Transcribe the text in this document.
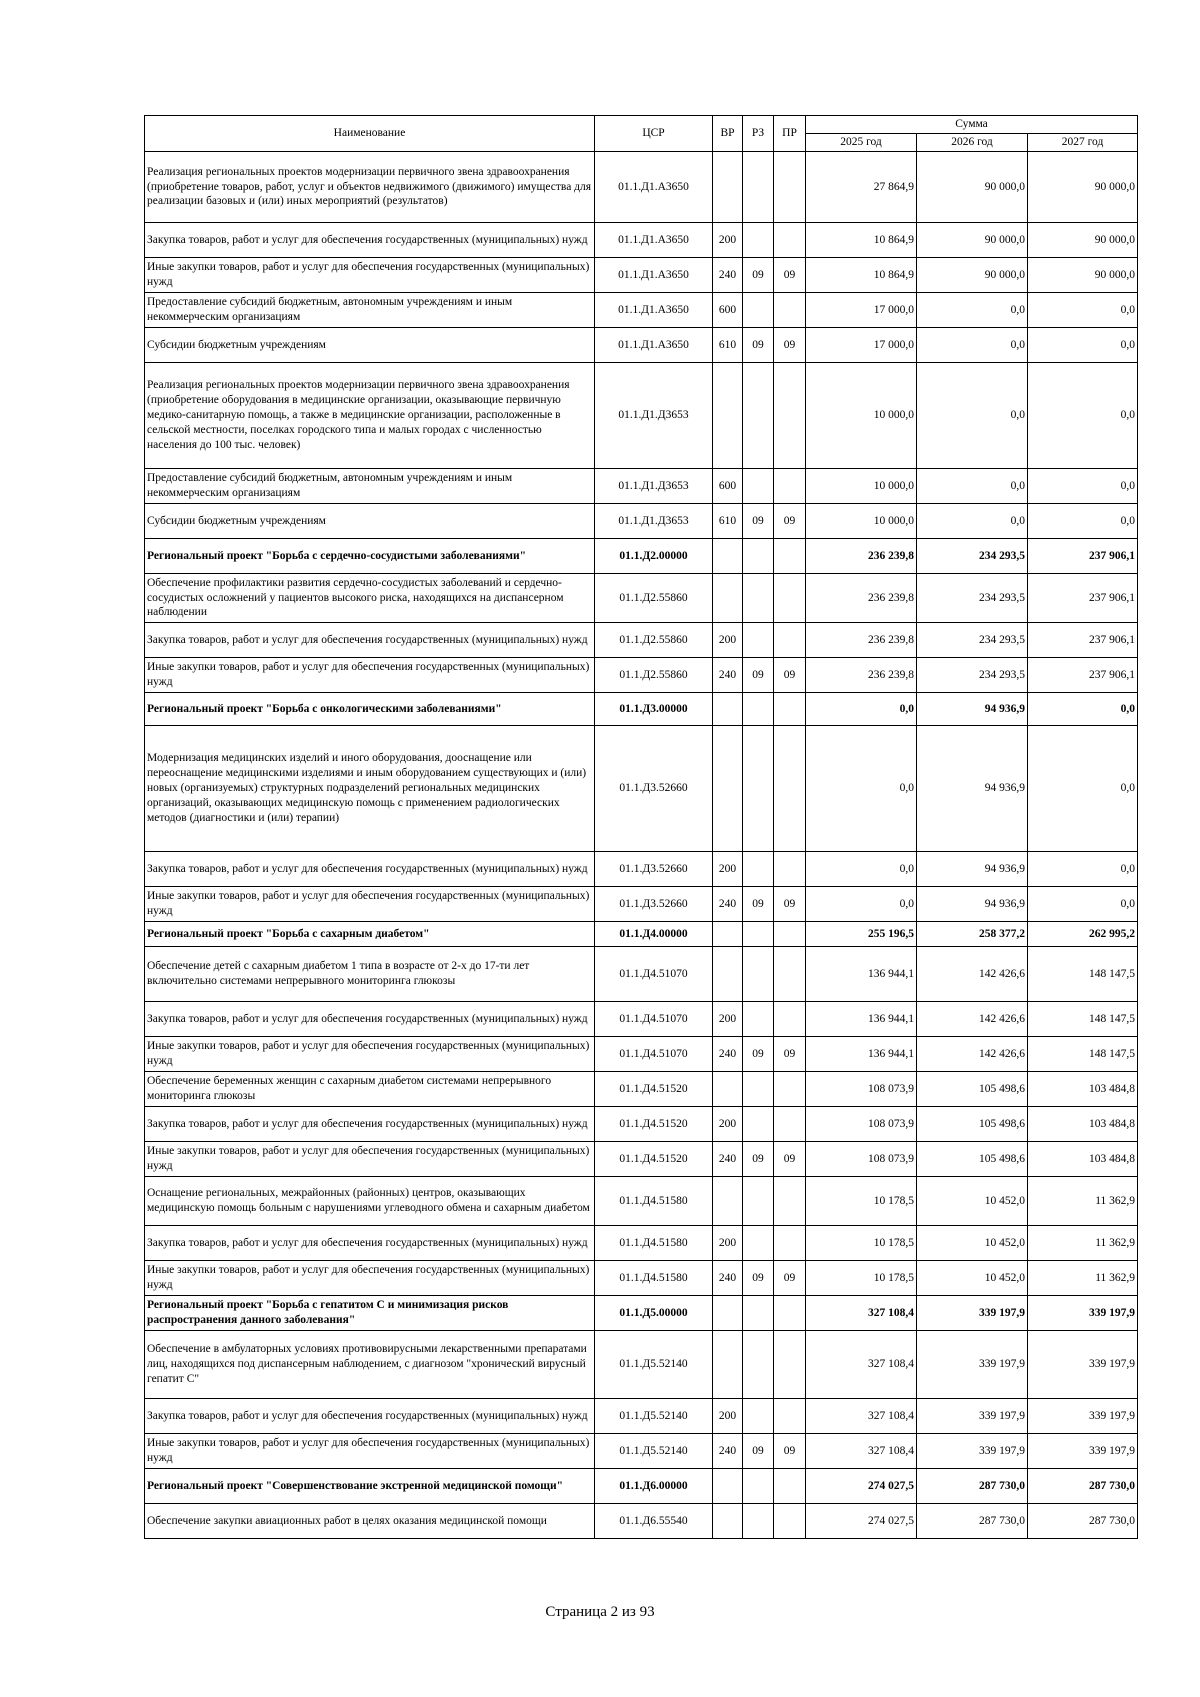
Наименование	ЦСР	ВР	РЗ	ПР	Сумма		
					2025 год	2026 год	2027 год
Реализация региональных проектов модернизации первичного звена здравоохранения (приобретение товаров, работ, услуг и объектов недвижимого (движимого) имущества для реализации базовых и (или) иных мероприятий (результатов)	01.1.Д1.А3650				27 864,9	90 000,0	90 000,0
Закупка товаров, работ и услуг для обеспечения государственных (муниципальных) нужд	01.1.Д1.А3650	200			10 864,9	90 000,0	90 000,0
Иные закупки товаров, работ и услуг для обеспечения государственных (муниципальных) нужд	01.1.Д1.А3650	240	09	09	10 864,9	90 000,0	90 000,0
Предоставление субсидий бюджетным, автономным учреждениям и иным некоммерческим организациям	01.1.Д1.А3650	600			17 000,0	0,0	0,0
Субсидии бюджетным учреждениям	01.1.Д1.А3650	610	09	09	17 000,0	0,0	0,0
Реализация региональных проектов модернизации первичного звена здравоохранения (приобретение оборудования в медицинские организации, оказывающие первичную медико-санитарную помощь, а также в медицинские организации, расположенные в сельской местности, поселках городского типа и малых городах с численностью населения до 100 тыс. человек)	01.1.Д1.Д3653				10 000,0	0,0	0,0
Предоставление субсидий бюджетным, автономным учреждениям и иным некоммерческим организациям	01.1.Д1.Д3653	600			10 000,0	0,0	0,0
Субсидии бюджетным учреждениям	01.1.Д1.Д3653	610	09	09	10 000,0	0,0	0,0
Региональный проект "Борьба с сердечно-сосудистыми заболеваниями"	01.1.Д2.00000				236 239,8	234 293,5	237 906,1
Обеспечение профилактики развития сердечно-сосудистых заболеваний и сердечно-сосудистых осложнений у пациентов высокого риска, находящихся на диспансерном наблюдении	01.1.Д2.55860				236 239,8	234 293,5	237 906,1
Закупка товаров, работ и услуг для обеспечения государственных (муниципальных) нужд	01.1.Д2.55860	200			236 239,8	234 293,5	237 906,1
Иные закупки товаров, работ и услуг для обеспечения государственных (муниципальных) нужд	01.1.Д2.55860	240	09	09	236 239,8	234 293,5	237 906,1
Региональный проект "Борьба с онкологическими заболеваниями"	01.1.Д3.00000				0,0	94 936,9	0,0
Модернизация медицинских изделий и иного оборудования, дооснащение или переоснащение медицинскими изделиями и иным оборудованием существующих и (или) новых (организуемых) структурных подразделений региональных медицинских организаций, оказывающих медицинскую помощь с применением радиологических методов (диагностики и (или) терапии)	01.1.Д3.52660				0,0	94 936,9	0,0
Закупка товаров, работ и услуг для обеспечения государственных (муниципальных) нужд	01.1.Д3.52660	200			0,0	94 936,9	0,0
Иные закупки товаров, работ и услуг для обеспечения государственных (муниципальных) нужд	01.1.Д3.52660	240	09	09	0,0	94 936,9	0,0
Региональный проект "Борьба с сахарным диабетом"	01.1.Д4.00000				255 196,5	258 377,2	262 995,2
Обеспечение детей с сахарным диабетом 1 типа в возрасте от 2-х до 17-ти лет включительно системами непрерывного мониторинга глюкозы	01.1.Д4.51070				136 944,1	142 426,6	148 147,5
Закупка товаров, работ и услуг для обеспечения государственных (муниципальных) нужд	01.1.Д4.51070	200			136 944,1	142 426,6	148 147,5
Иные закупки товаров, работ и услуг для обеспечения государственных (муниципальных) нужд	01.1.Д4.51070	240	09	09	136 944,1	142 426,6	148 147,5
Обеспечение беременных женщин с сахарным диабетом системами непрерывного мониторинга глюкозы	01.1.Д4.51520				108 073,9	105 498,6	103 484,8
Закупка товаров, работ и услуг для обеспечения государственных (муниципальных) нужд	01.1.Д4.51520	200			108 073,9	105 498,6	103 484,8
Иные закупки товаров, работ и услуг для обеспечения государственных (муниципальных) нужд	01.1.Д4.51520	240	09	09	108 073,9	105 498,6	103 484,8
Оснащение региональных, межрайонных (районных) центров, оказывающих медицинскую помощь больным с нарушениями углеводного обмена и сахарным диабетом	01.1.Д4.51580				10 178,5	10 452,0	11 362,9
Закупка товаров, работ и услуг для обеспечения государственных (муниципальных) нужд	01.1.Д4.51580	200			10 178,5	10 452,0	11 362,9
Иные закупки товаров, работ и услуг для обеспечения государственных (муниципальных) нужд	01.1.Д4.51580	240	09	09	10 178,5	10 452,0	11 362,9
Региональный проект "Борьба с гепатитом С и минимизация рисков распространения данного заболевания"	01.1.Д5.00000				327 108,4	339 197,9	339 197,9
Обеспечение в амбулаторных условиях противовирусными лекарственными препаратами лиц, находящихся под диспансерным наблюдением, с диагнозом "хронический вирусный гепатит С"	01.1.Д5.52140				327 108,4	339 197,9	339 197,9
Закупка товаров, работ и услуг для обеспечения государственных (муниципальных) нужд	01.1.Д5.52140	200			327 108,4	339 197,9	339 197,9
Иные закупки товаров, работ и услуг для обеспечения государственных (муниципальных) нужд	01.1.Д5.52140	240	09	09	327 108,4	339 197,9	339 197,9
Региональный проект "Совершенствование экстренной медицинской помощи"	01.1.Д6.00000				274 027,5	287 730,0	287 730,0
Обеспечение закупки авиационных работ в целях оказания медицинской помощи	01.1.Д6.55540				274 027,5	287 730,0	287 730,0
Страница 2 из 93
